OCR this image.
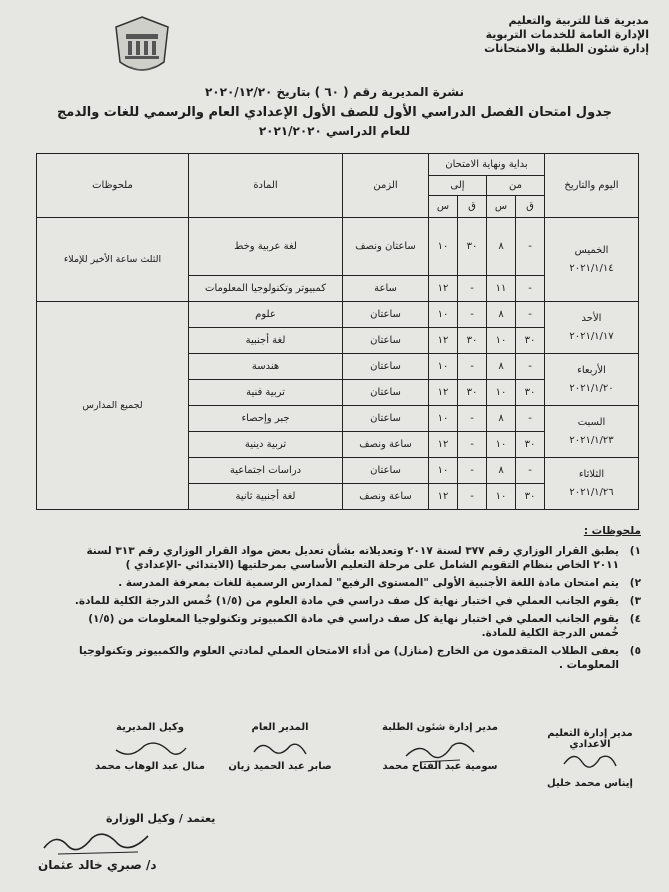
مديرية قنا للتربية والتعليم
الإدارة العامة للخدمات التربوية
إدارة شئون الطلبة والامتحانات
نشرة المديرية رقم ( ٦٠ ) بتاريخ ٢٠٢٠/١٢/٢٠
جدول امتحان الفصل الدراسي الأول للصف الأول الإعدادي العام والرسمي للغات والدمج
للعام الدراسي ٢٠٢١/٢٠٢٠
اليوم والتاريخ	بداية ونهاية الامتحان				الزمن	المادة	ملحوظات
	من		إلى				
	ق	س	ق	س			

الخميس
٢٠٢١/١/١٤	-	٨	٣٠	١٠	ساعتان ونصف	لغة عربية وخط	الثلث ساعة الأخير للإملاء
	-	١١	-	١٢	ساعة	كمبيوتر وتكنولوجيا المعلومات	

الأحد
٢٠٢١/١/١٧	-	٨	-	١٠	ساعتان	علوم	لجميع المدارس
	٣٠	١٠	٣٠	١٢	ساعتان	لغة أجنبية	

الأربعاء
٢٠٢١/١/٢٠	-	٨	-	١٠	ساعتان	هندسة	
	٣٠	١٠	٣٠	١٢	ساعتان	تربية فنية	

السبت
٢٠٢١/١/٢٣	-	٨	-	١٠	ساعتان	جبر وإحصاء	
	٣٠	١٠	-	١٢	ساعة ونصف	تربية دينية	

الثلاثاء
٢٠٢١/١/٢٦	-	٨	-	١٠	ساعتان	دراسات اجتماعية	
	٣٠	١٠	-	١٢	ساعة ونصف	لغة أجنبية ثانية	
ملحوظات :
١)
يطبق القرار الوزاري رقم ٣٧٧ لسنة ٢٠١٧ وتعديلاته بشأن تعديل بعض مواد القرار الوزاري رقم ٣١٣ لسنة
٢٠١١ الخاص بنظام التقويم الشامل على مرحلة التعليم الأساسي بمرحلتيها (الابتدائي -الإعدادي )
٢)
يتم امتحان مادة اللغة الأجنبية الأولى "المستوى الرفيع" لمدارس الرسمية للغات بمعرفة المدرسة .
٣)
يقوم الجانب العملي في اختبار نهاية كل صف دراسي في مادة العلوم من (١/٥) خُمس الدرجة الكلية للمادة.
٤)
يقوم الجانب العملي في اختبار نهاية كل صف دراسي في مادة الكمبيوتر وتكنولوجيا المعلومات من (١/٥)
خُمس الدرجة الكلية للمادة.
٥)
يعفى الطلاب المتقدمون من الخارج (منازل) من أداء الامتحان العملي لمادتي العلوم والكمبيوتر وتكنولوجيا
المعلومات .
مدير إدارة التعليم الاعدادي
إيناس محمد خليل
مدير إدارة شئون الطلبة
سومية عبد الفتاح محمد
المدير العام
صابر عبد الحميد زيان
وكيل المديرية
منال عبد الوهاب محمد
يعتمد / وكيل الوزارة
د/ صبري خالد عثمان
